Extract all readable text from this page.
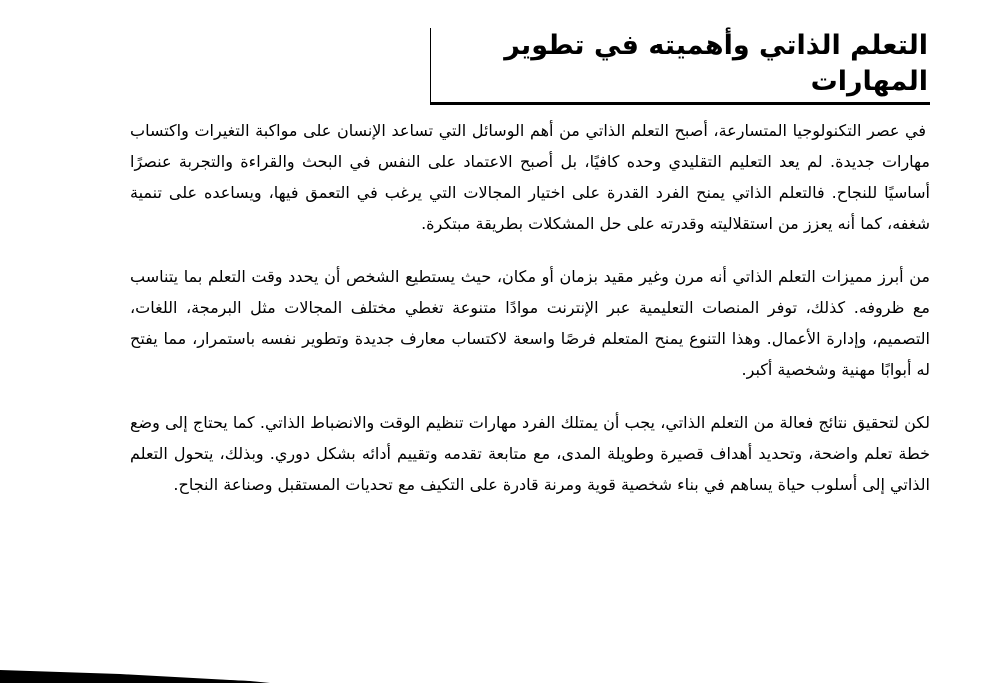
التعلم الذاتي وأهميته في تطوير المهارات

في عصر التكنولوجيا المتسارعة، أصبح التعلم الذاتي من أهم الوسائل التي تساعد الإنسان على مواكبة التغيرات واكتساب مهارات جديدة. لم يعد التعليم التقليدي وحده كافيًا، بل أصبح الاعتماد على النفس في البحث والقراءة والتجربة عنصرًا أساسيًا للنجاح. فالتعلم الذاتي يمنح الفرد القدرة على اختيار المجالات التي يرغب في التعمق فيها، ويساعده على تنمية شغفه، كما أنه يعزز من استقلاليته وقدرته على حل المشكلات بطريقة مبتكرة.

من أبرز مميزات التعلم الذاتي أنه مرن وغير مقيد بزمان أو مكان، حيث يستطيع الشخص أن يحدد وقت التعلم بما يتناسب مع ظروفه. كذلك، توفر المنصات التعليمية عبر الإنترنت موادًا متنوعة تغطي مختلف المجالات مثل البرمجة، اللغات، التصميم، وإدارة الأعمال. وهذا التنوع يمنح المتعلم فرصًا واسعة لاكتساب معارف جديدة وتطوير نفسه باستمرار، مما يفتح له أبوابًا مهنية وشخصية أكبر.

لكن لتحقيق نتائج فعالة من التعلم الذاتي، يجب أن يمتلك الفرد مهارات تنظيم الوقت والانضباط الذاتي. كما يحتاج إلى وضع خطة تعلم واضحة، وتحديد أهداف قصيرة وطويلة المدى، مع متابعة تقدمه وتقييم أدائه بشكل دوري. وبذلك، يتحول التعلم الذاتي إلى أسلوب حياة يساهم في بناء شخصية قوية ومرنة قادرة على التكيف مع تحديات المستقبل وصناعة النجاح.
